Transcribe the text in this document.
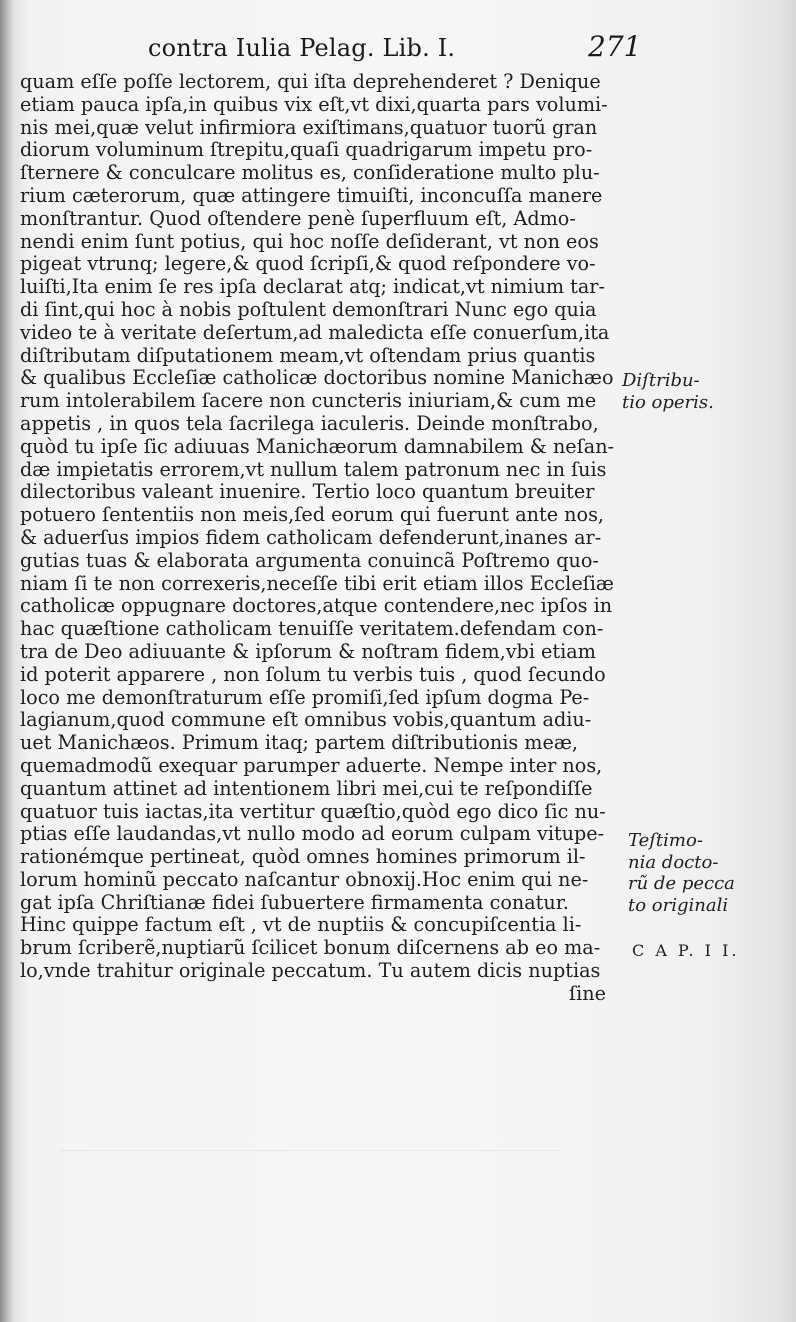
contra Iulia Pelag. Lib. I.	271
quam eſſe poſſe lectorem, qui iſta deprehenderet ? Denique
etiam pauca ipſa,in quibus vix eſt,vt dixi,quarta pars volumi-
nis mei,quæ velut infirmiora exiſtimans,quatuor tuorũ gran
diorum voluminum ſtrepitu,quaſi quadrigarum impetu pro-
ſternere & conculcare molitus es, conſideratione multo plu-
rium cæterorum, quæ attingere timuiſti, inconcuſſa manere
monſtrantur. Quod oſtendere penè ſuperfluum eſt, Admo-
nendi enim ſunt potius, qui hoc noſſe deſiderant, vt non eos
pigeat vtrunq; legere,& quod ſcripſi,& quod reſpondere vo-
luiſti,Ita enim ſe res ipſa declarat atq; indicat,vt nimium tar-
di ſint,qui hoc à nobis poſtulent demonſtrari Nunc ego quia
video te à veritate deſertum,ad maledicta eſſe conuerſum,ita
diſtributam diſputationem meam,vt oſtendam prius quantis
& qualibus Eccleſiæ catholicæ doctoribus nomine Manichæo
rum intolerabilem ſacere non cuncteris iniuriam,& cum me
appetis , in quos tela ſacrilega iaculeris. Deinde monſtrabo,
quòd tu ipſe ſic adiuuas Manichæorum damnabilem & neſan-
dæ impietatis errorem,vt nullum talem patronum nec in ſuis
dilectoribus valeant inuenire. Tertio loco quantum breuiter
potuero ſententiis non meis,ſed eorum qui fuerunt ante nos,
& aduerſus impios fidem catholicam defenderunt,inanes ar-
gutias tuas & elaborata argumenta conuincã Poſtremo quo-
niam ſi te non correxeris,neceſſe tibi erit etiam illos Eccleſiæ
catholicæ oppugnare doctores,atque contendere,nec ipſos in
hac quæſtione catholicam tenuiſſe veritatem.defendam con-
tra de Deo adiuuante & ipſorum & noſtram fidem,vbi etiam
id poterit apparere , non ſolum tu verbis tuis , quod ſecundo
loco me demonſtraturum eſſe promiſi,ſed ipſum dogma Pe-
lagianum,quod commune eſt omnibus vobis,quantum adiu-
uet Manichæos. Primum itaq; partem diſtributionis meæ,
quemadmodũ exequar parumper aduerte. Nempe inter nos,
quantum attinet ad intentionem libri mei,cui te reſpondiſſe
quatuor tuis iactas,ita vertitur quæſtio,quòd ego dico ſic nu-
ptias eſſe laudandas,vt nullo modo ad eorum culpam vitupe-
rationémque pertineat, quòd omnes homines primorum il-
lorum hominũ peccato naſcantur obnoxij.Hoc enim qui ne-
gat ipſa Chriſtianæ fidei ſubuertere firmamenta conatur.
Hinc quippe factum eſt , vt de nuptiis & concupiſcentia li-
brum ſcriberẽ,nuptiarũ ſcilicet bonum diſcernens ab eo ma-
lo,vnde trahitur originale peccatum. Tu autem dicis nuptias
ſine
Diſtribu-
tio operis.
Teſtimo-
nia docto-
rũ de pecca
to originali
C A P. I I.
